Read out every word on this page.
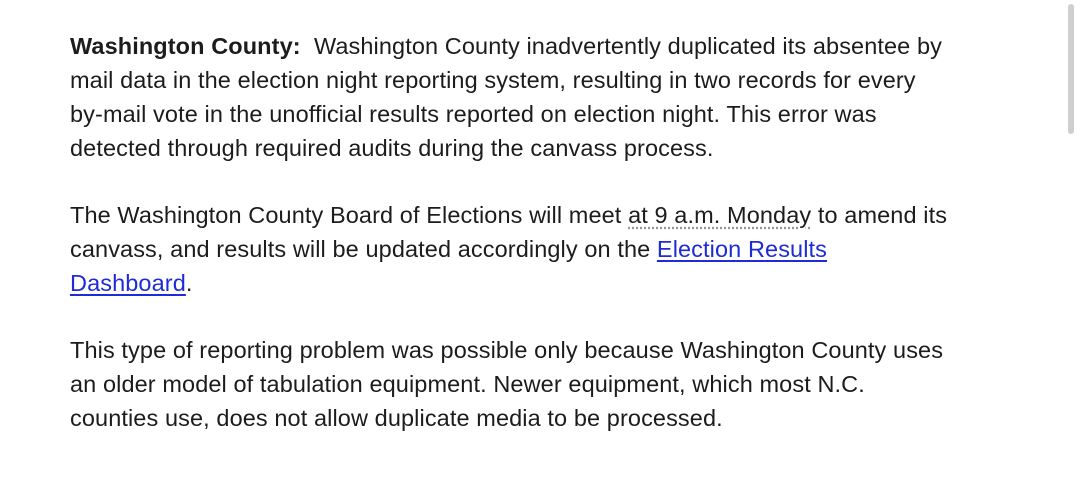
Washington County: Washington County inadvertently duplicated its absentee by mail data in the election night reporting system, resulting in two records for every by-mail vote in the unofficial results reported on election night. This error was detected through required audits during the canvass process.

The Washington County Board of Elections will meet at 9 a.m. Monday to amend its canvass, and results will be updated accordingly on the Election Results Dashboard.

This type of reporting problem was possible only because Washington County uses an older model of tabulation equipment. Newer equipment, which most N.C. counties use, does not allow duplicate media to be processed.
